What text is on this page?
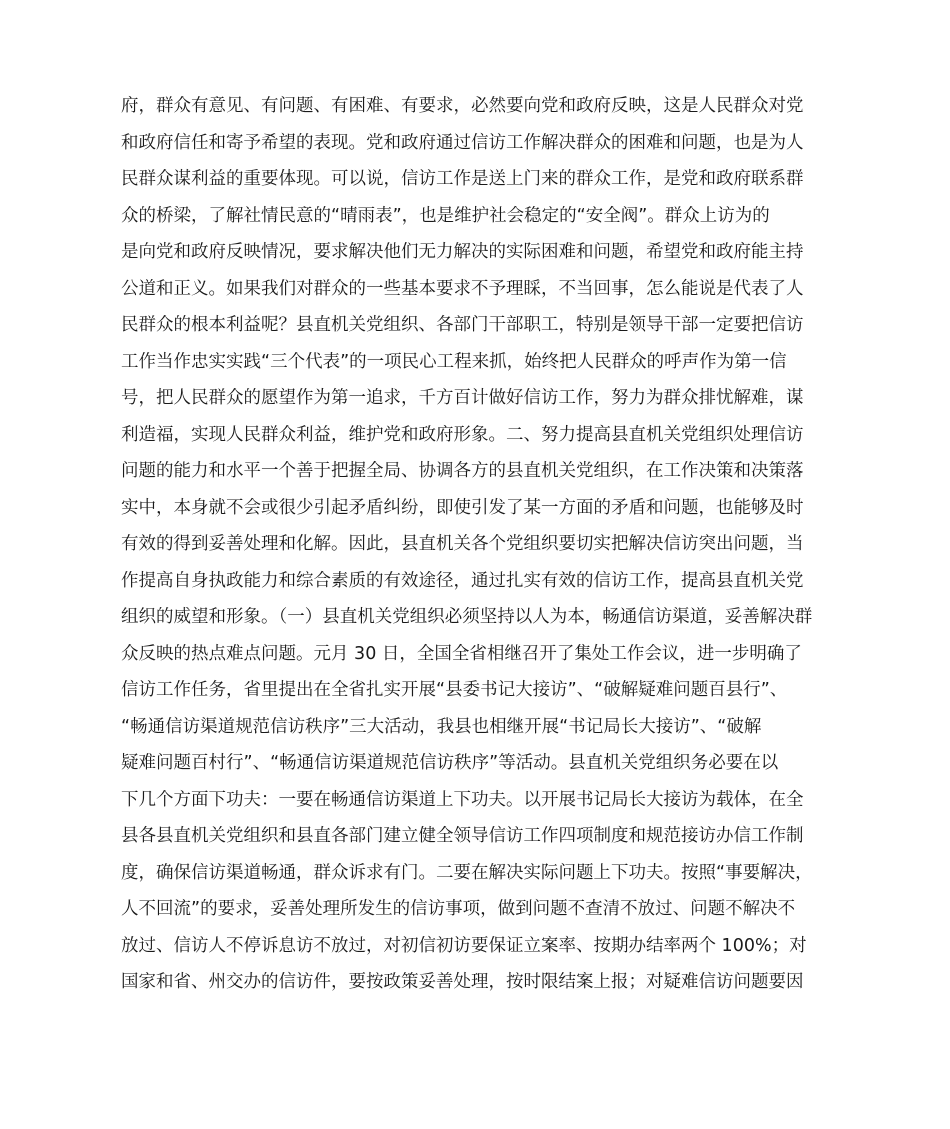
府，群众有意见、有问题、有困难、有要求，必然要向党和政府反映，这是人民群众对党
和政府信任和寄予希望的表现。党和政府通过信访工作解决群众的困难和问题，也是为人
民群众谋利益的重要体现。可以说，信访工作是送上门来的群众工作，是党和政府联系群
众的桥梁，了解社情民意的“晴雨表”，也是维护社会稳定的“安全阀”。群众上访为的
是向党和政府反映情况，要求解决他们无力解决的实际困难和问题，希望党和政府能主持
公道和正义。如果我们对群众的一些基本要求不予理睬，不当回事，怎么能说是代表了人
民群众的根本利益呢？县直机关党组织、各部门干部职工，特别是领导干部一定要把信访
工作当作忠实实践“三个代表”的一项民心工程来抓，始终把人民群众的呼声作为第一信
号，把人民群众的愿望作为第一追求，千方百计做好信访工作，努力为群众排忧解难，谋
利造福，实现人民群众利益，维护党和政府形象。二、努力提高县直机关党组织处理信访
问题的能力和水平一个善于把握全局、协调各方的县直机关党组织，在工作决策和决策落
实中，本身就不会或很少引起矛盾纠纷，即使引发了某一方面的矛盾和问题，也能够及时
有效的得到妥善处理和化解。因此，县直机关各个党组织要切实把解决信访突出问题，当
作提高自身执政能力和综合素质的有效途径，通过扎实有效的信访工作，提高县直机关党
组织的威望和形象。（一）县直机关党组织必须坚持以人为本，畅通信访渠道，妥善解决群
众反映的热点难点问题。元月 30 日，全国全省相继召开了集处工作会议，进一步明确了
信访工作任务，省里提出在全省扎实开展“县委书记大接访”、“破解疑难问题百县行”、
“畅通信访渠道规范信访秩序”三大活动，我县也相继开展“书记局长大接访”、“破解
疑难问题百村行”、“畅通信访渠道规范信访秩序”等活动。县直机关党组织务必要在以
下几个方面下功夫：一要在畅通信访渠道上下功夫。以开展书记局长大接访为载体，在全
县各县直机关党组织和县直各部门建立健全领导信访工作四项制度和规范接访办信工作制
度，确保信访渠道畅通，群众诉求有门。二要在解决实际问题上下功夫。按照“事要解决，
人不回流”的要求，妥善处理所发生的信访事项，做到问题不查清不放过、问题不解决不
放过、信访人不停诉息访不放过，对初信初访要保证立案率、按期办结率两个 100%；对
国家和省、州交办的信访件，要按政策妥善处理，按时限结案上报；对疑难信访问题要因
